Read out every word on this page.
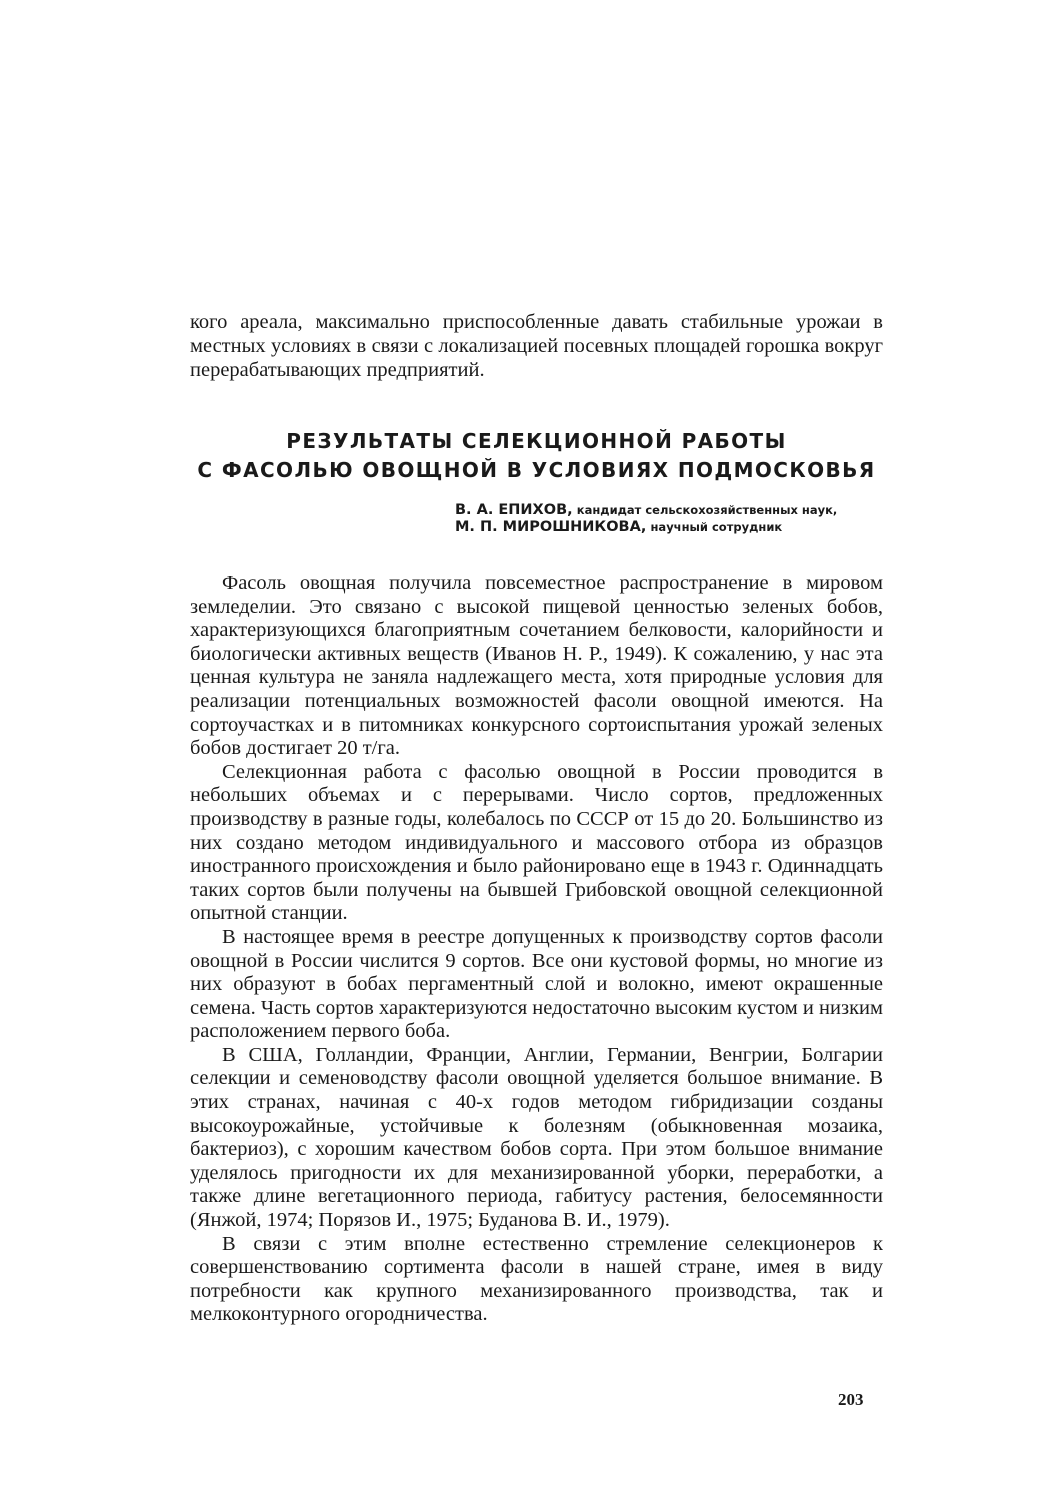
кого ареала, максимально приспособленные давать стабильные урожаи в местных условиях в связи с локализацией посевных площадей горошка вокруг перерабатывающих предприятий.

РЕЗУЛЬТАТЫ СЕЛЕКЦИОННОЙ РАБОТЫ
С ФАСОЛЬЮ ОВОЩНОЙ В УСЛОВИЯХ ПОДМОСКОВЬЯ

В. А. ЕПИХОВ, кандидат сельскохозяйственных наук,

М. П. МИРОШНИКОВА, научный сотрудник

Фасоль овощная получила повсеместное распространение в мировом земледелии. Это связано с высокой пищевой ценностью зеленых бобов, характеризующихся благоприятным сочетанием белковости, калорийности и биологически активных веществ (Иванов Н. Р., 1949). К сожалению, у нас эта ценная культура не заняла надлежащего места, хотя природные условия для реализации потенциальных возможностей фасоли овощной имеются. На сортоучастках и в питомниках конкурсного сортоиспытания урожай зеленых бобов достигает 20 т/га.

Селекционная работа с фасолью овощной в России проводится в небольших объемах и с перерывами. Число сортов, предложенных производству в разные годы, колебалось по СССР от 15 до 20. Большинство из них создано методом индивидуального и массового отбора из образцов иностранного происхождения и было районировано еще в 1943 г. Одиннадцать таких сортов были получены на бывшей Грибовской овощной селекционной опытной станции.

В настоящее время в реестре допущенных к производству сортов фасоли овощной в России числится 9 сортов. Все они кустовой формы, но многие из них образуют в бобах пергаментный слой и волокно, имеют окрашенные семена. Часть сортов характеризуются недостаточно высоким кустом и низким расположением первого боба.

В США, Голландии, Франции, Англии, Германии, Венгрии, Болгарии селекции и семеноводству фасоли овощной уделяется большое внимание. В этих странах, начиная с 40-х годов методом гибридизации созданы высокоурожайные, устойчивые к болезням (обыкновенная мозаика, бактериоз), с хорошим качеством бобов сорта. При этом большое внимание уделялось пригодности их для механизированной уборки, переработки, а также длине вегетационного периода, габитусу растения, белосемянности (Янжой, 1974; Порязов И., 1975; Буданова В. И., 1979).

В связи с этим вполне естественно стремление селекционеров к совершенствованию сортимента фасоли в нашей стране, имея в виду потребности как крупного механизированного производства, так и мелкоконтурного огородничества.

203
